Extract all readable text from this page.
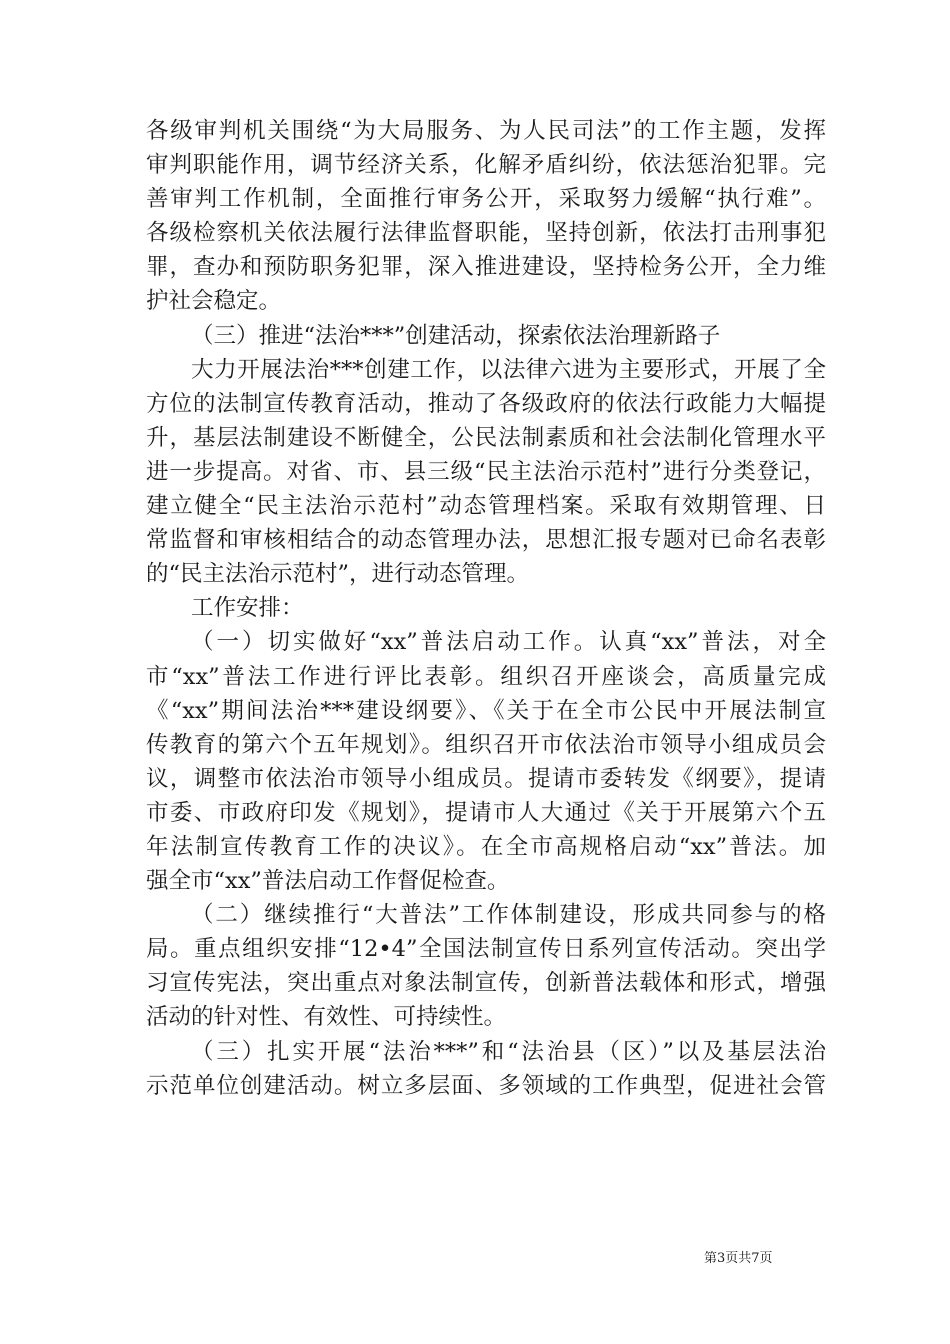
各级审判机关围绕“为大局服务、为人民司法”的工作主题，发挥
审判职能作用，调节经济关系，化解矛盾纠纷，依法惩治犯罪。完
善审判工作机制，全面推行审务公开，采取努力缓解“执行难”。
各级检察机关依法履行法律监督职能，坚持创新，依法打击刑事犯
罪，查办和预防职务犯罪，深入推进建设，坚持检务公开，全力维
护社会稳定。
（三）推进“法治***”创建活动，探索依法治理新路子
大力开展法治***创建工作，以法律六进为主要形式，开展了全
方位的法制宣传教育活动，推动了各级政府的依法行政能力大幅提
升，基层法制建设不断健全，公民法制素质和社会法制化管理水平
进一步提高。对省、市、县三级“民主法治示范村”进行分类登记，
建立健全“民主法治示范村”动态管理档案。采取有效期管理、日
常监督和审核相结合的动态管理办法，思想汇报专题对已命名表彰
的“民主法治示范村”，进行动态管理。
工作安排：
（一）切实做好“xx”普法启动工作。认真“xx”普法，对全
市“xx”普法工作进行评比表彰。组织召开座谈会，高质量完成
《“xx”期间法治***建设纲要》、《关于在全市公民中开展法制宣
传教育的第六个五年规划》。组织召开市依法治市领导小组成员会
议，调整市依法治市领导小组成员。提请市委转发《纲要》，提请
市委、市政府印发《规划》，提请市人大通过《关于开展第六个五
年法制宣传教育工作的决议》。在全市高规格启动“xx”普法。加
强全市“xx”普法启动工作督促检查。
（二）继续推行“大普法”工作体制建设，形成共同参与的格
局。重点组织安排“12•4”全国法制宣传日系列宣传活动。突出学
习宣传宪法，突出重点对象法制宣传，创新普法载体和形式，增强
活动的针对性、有效性、可持续性。
（三）扎实开展“法治***”和“法治县（区）”以及基层法治
示范单位创建活动。树立多层面、多领域的工作典型，促进社会管
第3页共7页
